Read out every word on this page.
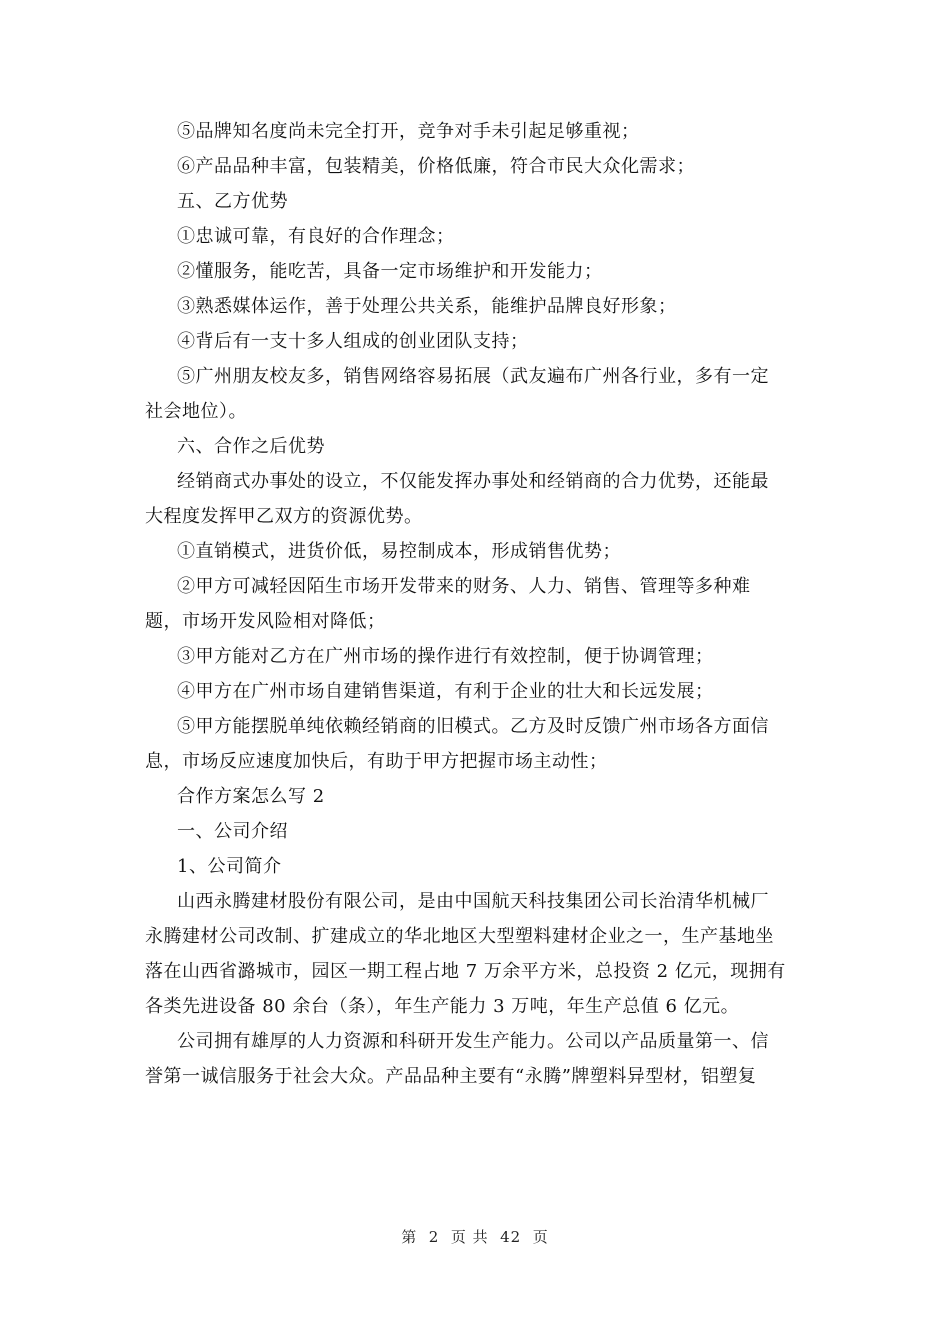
⑤品牌知名度尚未完全打开，竞争对手未引起足够重视；
⑥产品品种丰富，包装精美，价格低廉，符合市民大众化需求；
五、乙方优势
①忠诚可靠，有良好的合作理念；
②懂服务，能吃苦，具备一定市场维护和开发能力；
③熟悉媒体运作，善于处理公共关系，能维护品牌良好形象；
④背后有一支十多人组成的创业团队支持；
⑤广州朋友校友多，销售网络容易拓展（武友遍布广州各行业，多有一定
社会地位）。
六、合作之后优势
经销商式办事处的设立，不仅能发挥办事处和经销商的合力优势，还能最
大程度发挥甲乙双方的资源优势。
①直销模式，进货价低，易控制成本，形成销售优势；
②甲方可减轻因陌生市场开发带来的财务、人力、销售、管理等多种难
题，市场开发风险相对降低；
③甲方能对乙方在广州市场的操作进行有效控制，便于协调管理；
④甲方在广州市场自建销售渠道，有利于企业的壮大和长远发展；
⑤甲方能摆脱单纯依赖经销商的旧模式。乙方及时反馈广州市场各方面信
息，市场反应速度加快后，有助于甲方把握市场主动性；
合作方案怎么写 2
一、公司介绍
1、公司简介
山西永腾建材股份有限公司，是由中国航天科技集团公司长治清华机械厂
永腾建材公司改制、扩建成立的华北地区大型塑料建材企业之一，生产基地坐
落在山西省潞城市，园区一期工程占地 7 万余平方米，总投资 2 亿元，现拥有
各类先进设备 80 余台（条），年生产能力 3 万吨，年生产总值 6 亿元。
公司拥有雄厚的人力资源和科研开发生产能力。公司以产品质量第一、信
誉第一诚信服务于社会大众。产品品种主要有“永腾”牌塑料异型材，铝塑复
第  2  页 共  42  页
